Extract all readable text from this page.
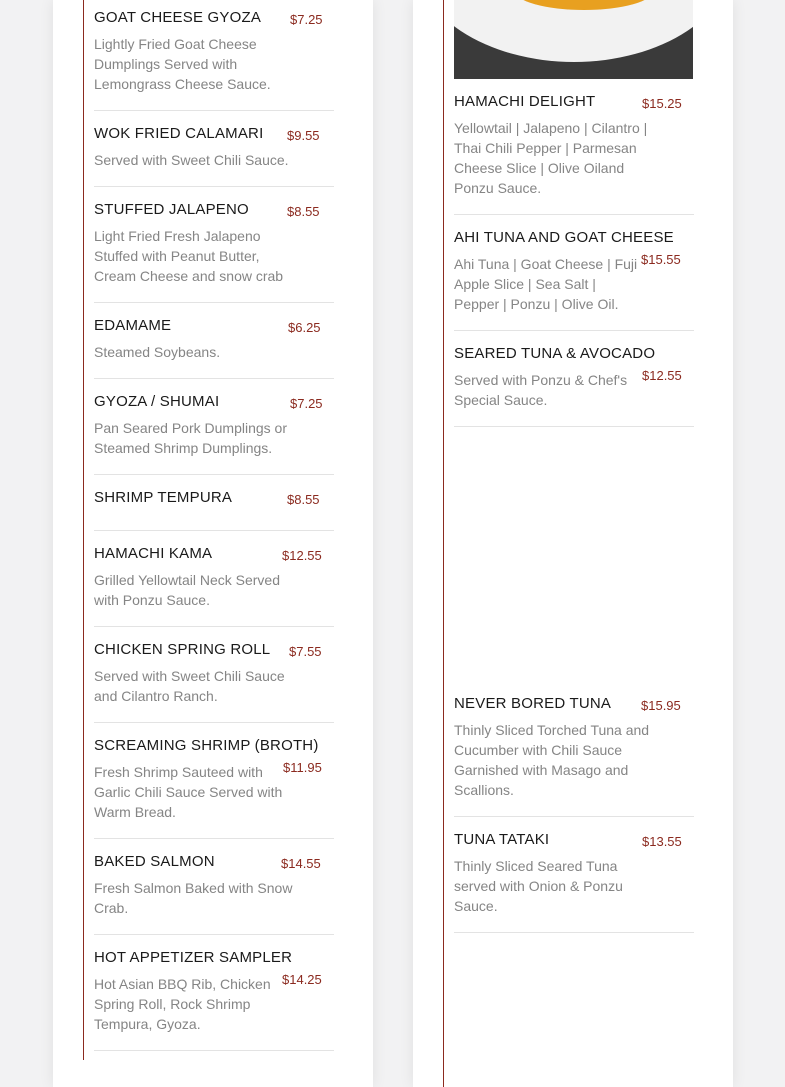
GOAT CHEESE GYOZA $7.25

Lightly Fried Goat Cheese Dumplings Served with Lemongrass Cheese Sauce.

WOK FRIED CALAMARI $9.55

Served with Sweet Chili Sauce.

STUFFED JALAPENO	$8.55

Light Fried Fresh Jalapeno Stuffed with Peanut Butter, Cream Cheese and snow crab

EDAMAME	$6.25

Steamed Soybeans.

GYOZA / SHUMAI	$7.25

Pan Seared Pork Dumplings or Steamed Shrimp Dumplings.

SHRIMP TEMPURA	$8.55
HAMACHI KAMA	$12.55

Grilled Yellowtail Neck Served with Ponzu Sauce.

CHICKEN SPRING ROLL $7.55

Served with Sweet Chili Sauce and Cilantro Ranch.

SCREAMING SHRIMP (BROTH)
$11.95

Fresh Shrimp Sauteed with Garlic Chili Sauce Served with Warm Bread.

BAKED SALMON	$14.55

Fresh Salmon Baked with Snow Crab.

HOT APPETIZER SAMPLER
$14.25

Hot Asian BBQ Rib, Chicken Spring Roll, Rock Shrimp Tempura, Gyoza.

HAMACHI DELIGHT	$15.25

Yellowtail | Jalapeno | Cilantro | Thai Chili Pepper | Parmesan Cheese Slice | Olive Oiland Ponzu Sauce.

AHI TUNA AND GOAT CHEESE
$15.55

Ahi Tuna | Goat Cheese | Fuji Apple Slice | Sea Salt | Pepper | Ponzu | Olive Oil.

SEARED TUNA & AVOCADO
$12.55

Served with Ponzu & Chef's Special Sauce.

NEVER BORED TUNA $15.95

Thinly Sliced Torched Tuna and Cucumber with Chili Sauce Garnished with Masago and Scallions.

TUNA TATAKI	$13.55

Thinly Sliced Seared Tuna served with Onion & Ponzu Sauce.
